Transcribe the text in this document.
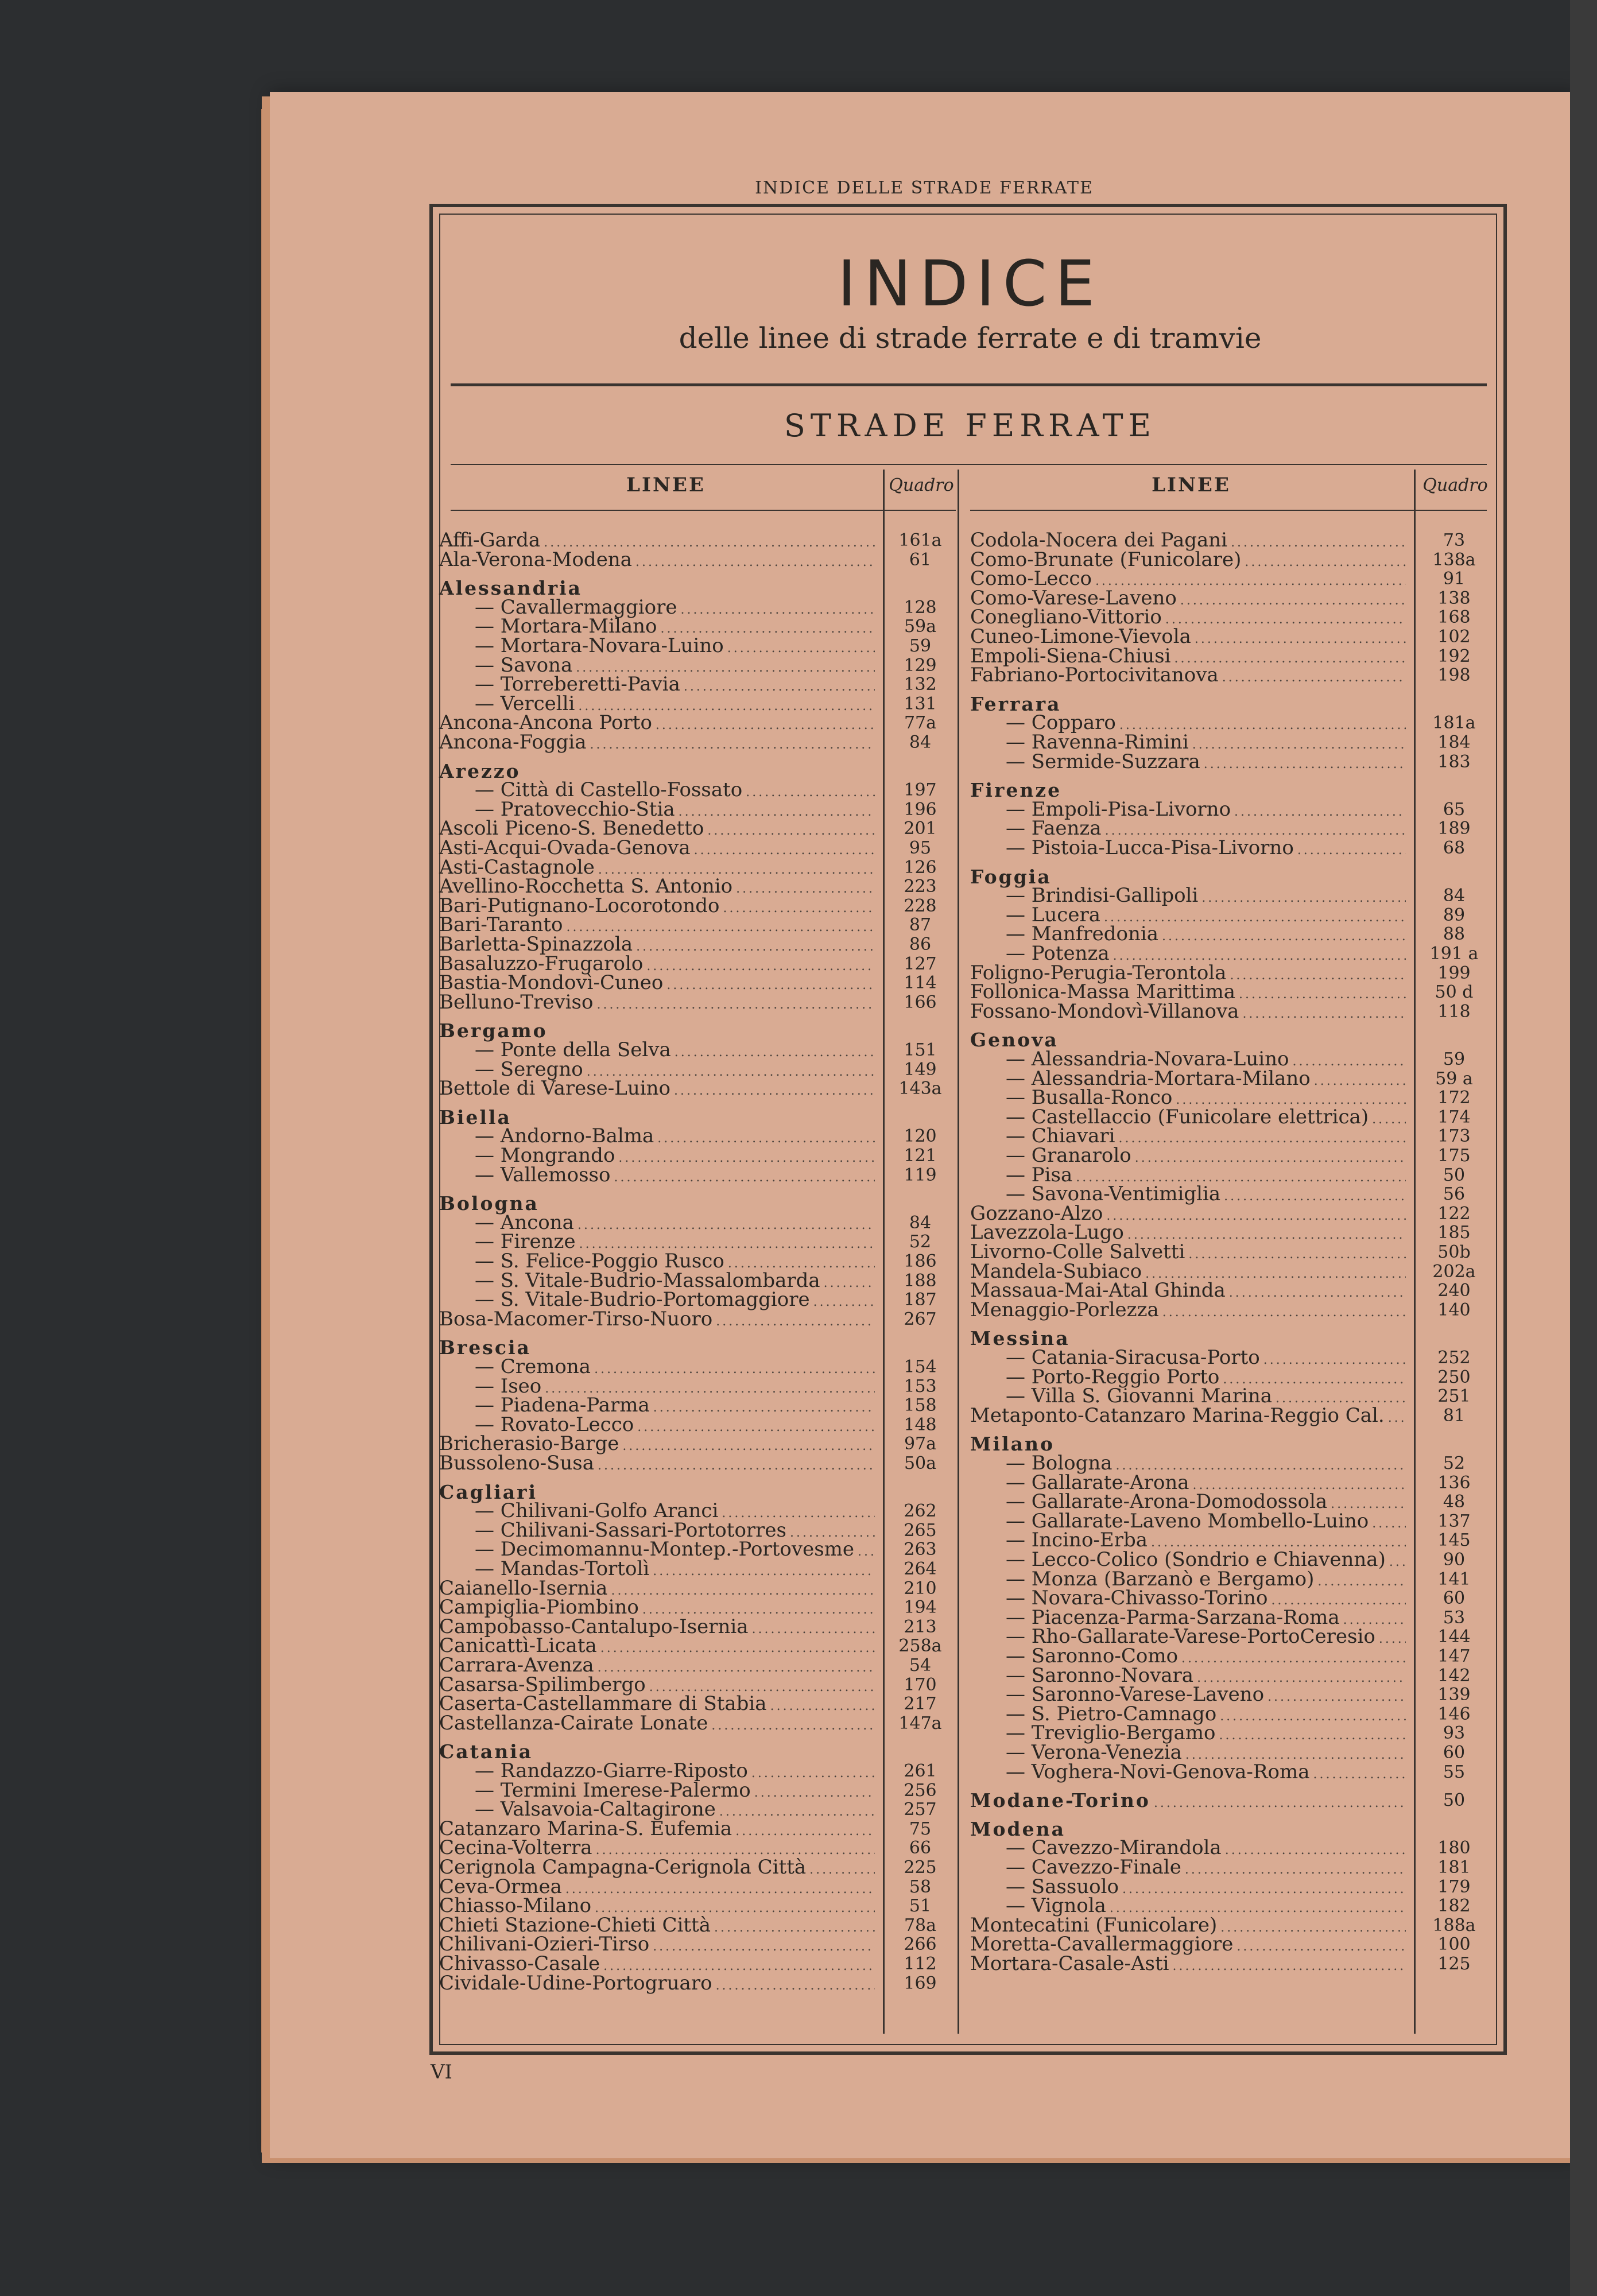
INDICE DELLE STRADE FERRATE
INDICE
delle linee di strade ferrate e di tramvie
STRADE FERRATE
LINEE	Quadro	LINEE	Quadro
Affi-Garda .....	161a
Ala-Verona-Modena .....	61
Alessandria
— Cavallermaggiore .....	128
— Mortara-Milano .....	59a
— Mortara-Novara-Luino .....	59
— Savona .....	129
— Torreberetti-Pavia .....	132
— Vercelli .....	131
Ancona-Ancona Porto .....	77a
Ancona-Foggia .....	84
Arezzo
— Città di Castello-Fossato .....	197
— Pratovecchio-Stia .....	196
Ascoli Piceno-S. Benedetto .....	201
Asti-Acqui-Ovada-Genova .....	95
Asti-Castagnole .....	126
Avellino-Rocchetta S. Antonio .....	223
Bari-Putignano-Locorotondo .....	228
Bari-Taranto .....	87
Barletta-Spinazzola .....	86
Basaluzzo-Frugarolo .....	127
Bastia-Mondovì-Cuneo .....	114
Belluno-Treviso .....	166
Bergamo
— Ponte della Selva .....	151
— Seregno .....	149
Bettole di Varese-Luino .....	143a
Biella
— Andorno-Balma .....	120
— Mongrando .....	121
— Vallemosso .....	119
Bologna
— Ancona .....	84
— Firenze .....	52
— S. Felice-Poggio Rusco .....	186
— S. Vitale-Budrio-Massalombarda .....	188
— S. Vitale-Budrio-Portomaggiore .....	187
Bosa-Macomer-Tirso-Nuoro .....	267
Brescia
— Cremona .....	154
— Iseo .....	153
— Piadena-Parma .....	158
— Rovato-Lecco .....	148
Bricherasio-Barge .....	97a
Bussoleno-Susa .....	50a
Cagliari
— Chilivani-Golfo Aranci .....	262
— Chilivani-Sassari-Portotorres .....	265
— Decimomannu-Montep.-Portovesme .....	263
— Mandas-Tortolì .....	264
Caianello-Isernia .....	210
Campiglia-Piombino .....	194
Campobasso-Cantalupo-Isernia .....	213
Canicattì-Licata .....	258a
Carrara-Avenza .....	54
Casarsa-Spilimbergo .....	170
Caserta-Castellammare di Stabia .....	217
Castellanza-Cairate Lonate .....	147a
Catania
— Randazzo-Giarre-Riposto .....	261
— Termini Imerese-Palermo .....	256
— Valsavoia-Caltagirone .....	257
Catanzaro Marina-S. Eufemia .....	75
Cecina-Volterra .....	66
Cerignola Campagna-Cerignola Città .....	225
Ceva-Ormea .....	58
Chiasso-Milano .....	51
Chieti Stazione-Chieti Città .....	78a
Chilivani-Ozieri-Tirso .....	266
Chivasso-Casale .....	112
Cividale-Udine-Portogruaro .....	169
Codola-Nocera dei Pagani .....	73
Como-Brunate (Funicolare) .....	138a
Como-Lecco .....	91
Como-Varese-Laveno .....	138
Conegliano-Vittorio .....	168
Cuneo-Limone-Vievola .....	102
Empoli-Siena-Chiusi .....	192
Fabriano-Portocivitanova .....	198
Ferrara
— Copparo .....	181a
— Ravenna-Rimini .....	184
— Sermide-Suzzara .....	183
Firenze
— Empoli-Pisa-Livorno .....	65
— Faenza .....	189
— Pistoia-Lucca-Pisa-Livorno .....	68
Foggia
— Brindisi-Gallipoli .....	84
— Lucera .....	89
— Manfredonia .....	88
— Potenza .....	191 a
Foligno-Perugia-Terontola .....	199
Follonica-Massa Marittima .....	50 d
Fossano-Mondovì-Villanova .....	118
Genova
— Alessandria-Novara-Luino .....	59
— Alessandria-Mortara-Milano .....	59 a
— Busalla-Ronco .....	172
— Castellaccio (Funicolare elettrica) .....	174
— Chiavari .....	173
— Granarolo .....	175
— Pisa .....	50
— Savona-Ventimiglia .....	56
Gozzano-Alzo .....	122
Lavezzola-Lugo .....	185
Livorno-Colle Salvetti .....	50b
Mandela-Subiaco .....	202a
Massaua-Mai-Atal Ghinda .....	240
Menaggio-Porlezza .....	140
Messina
— Catania-Siracusa-Porto .....	252
— Porto-Reggio Porto .....	250
— Villa S. Giovanni Marina .....	251
Metaponto-Catanzaro Marina-Reggio Cal. .....	81
Milano
— Bologna .....	52
— Gallarate-Arona .....	136
— Gallarate-Arona-Domodossola .....	48
— Gallarate-Laveno Mombello-Luino .....	137
— Incino-Erba .....	145
— Lecco-Colico (Sondrio e Chiavenna) .....	90
— Monza (Barzanò e Bergamo) .....	141
— Novara-Chivasso-Torino .....	60
— Piacenza-Parma-Sarzana-Roma .....	53
— Rho-Gallarate-Varese-PortoCeresio .....	144
— Saronno-Como .....	147
— Saronno-Novara .....	142
— Saronno-Varese-Laveno .....	139
— S. Pietro-Camnago .....	146
— Treviglio-Bergamo .....	93
— Verona-Venezia .....	60
— Voghera-Novi-Genova-Roma .....	55
Modane-Torino .....	50
Modena
— Cavezzo-Mirandola .....	180
— Cavezzo-Finale .....	181
— Sassuolo .....	179
— Vignola .....	182
Montecatini (Funicolare) .....	188a
Moretta-Cavallermaggiore .....	100
Mortara-Casale-Asti .....	125
VI
